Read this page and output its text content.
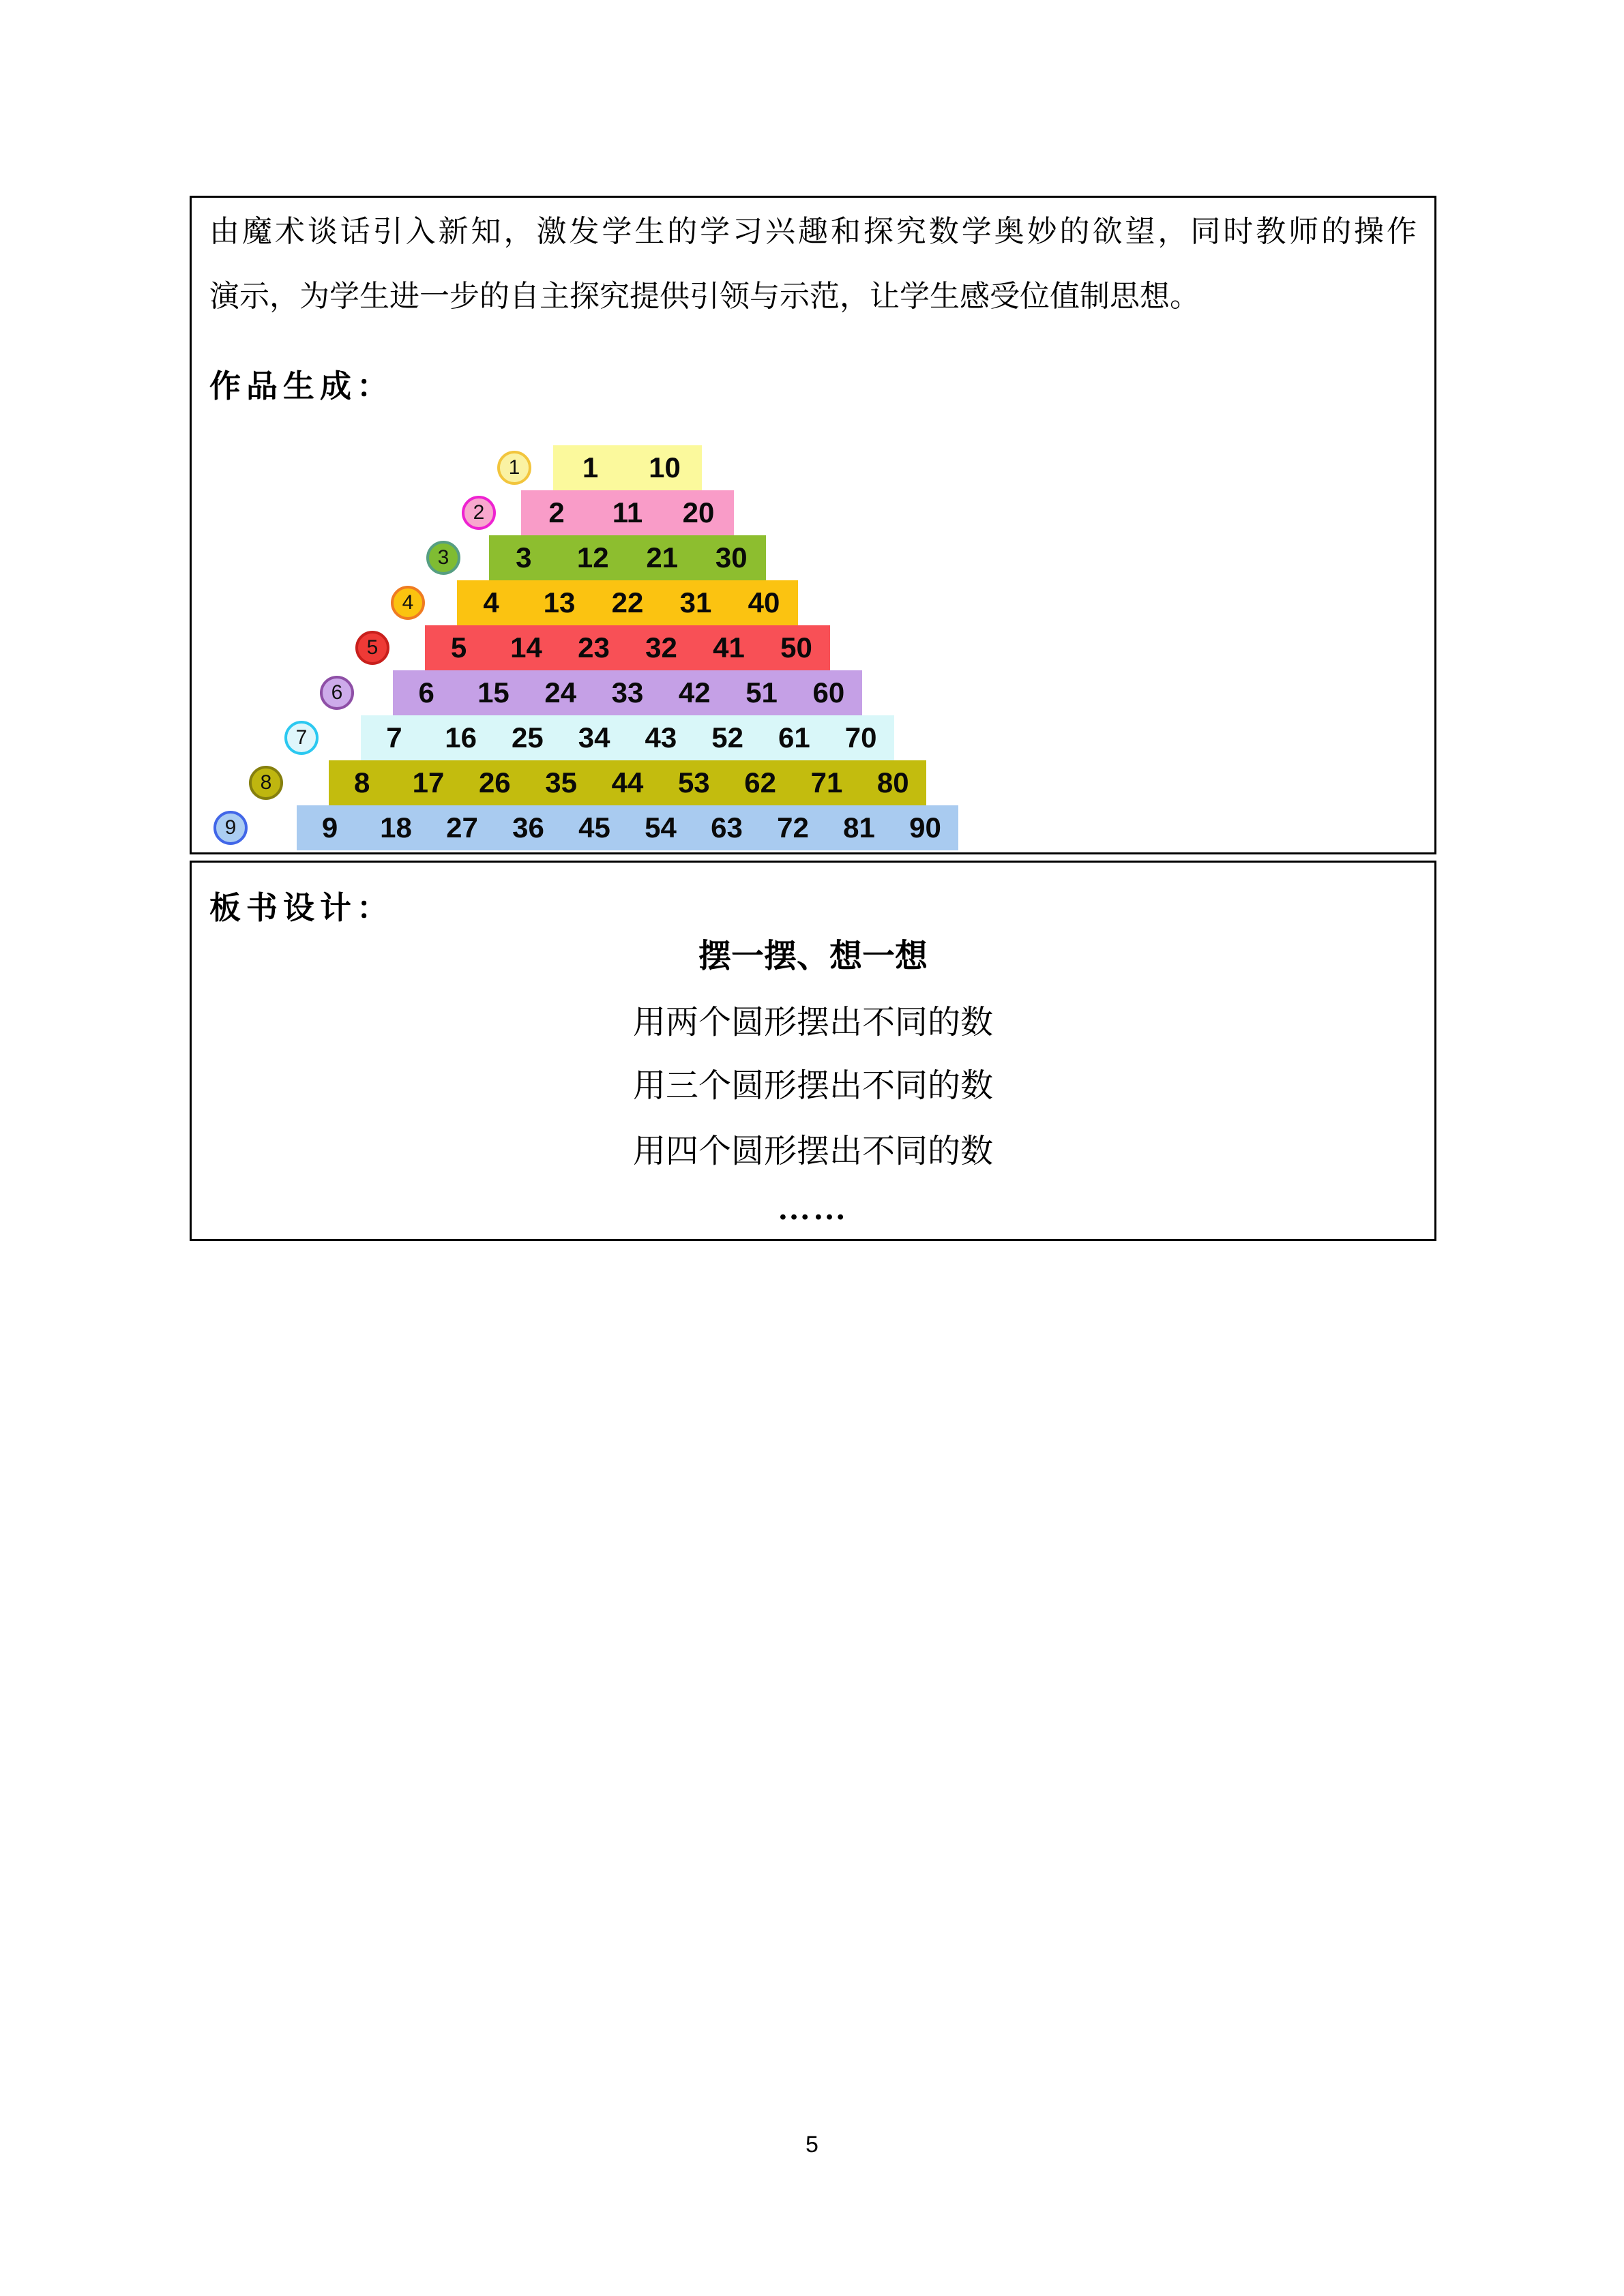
由魔术谈话引入新知，激发学生的学习兴趣和探究数学奥妙的欲望，同时教师的操作
演示，为学生进一步的自主探究提供引领与示范，让学生感受位值制思想。
作品生成：
1	10
1
2	11	20
2
3	12	21	30
3
4	13	22	31	40
4
5	14	23	32	41	50
5
6	15	24	33	42	51	60
6
7	16	25	34	43	52	61	70
7
8	17	26	35	44	53	62	71	80
8
9	18	27	36	45	54	63	72	81	90
9
板书设计：
摆一摆、想一想
用两个圆形摆出不同的数
用三个圆形摆出不同的数
用四个圆形摆出不同的数
……
5
